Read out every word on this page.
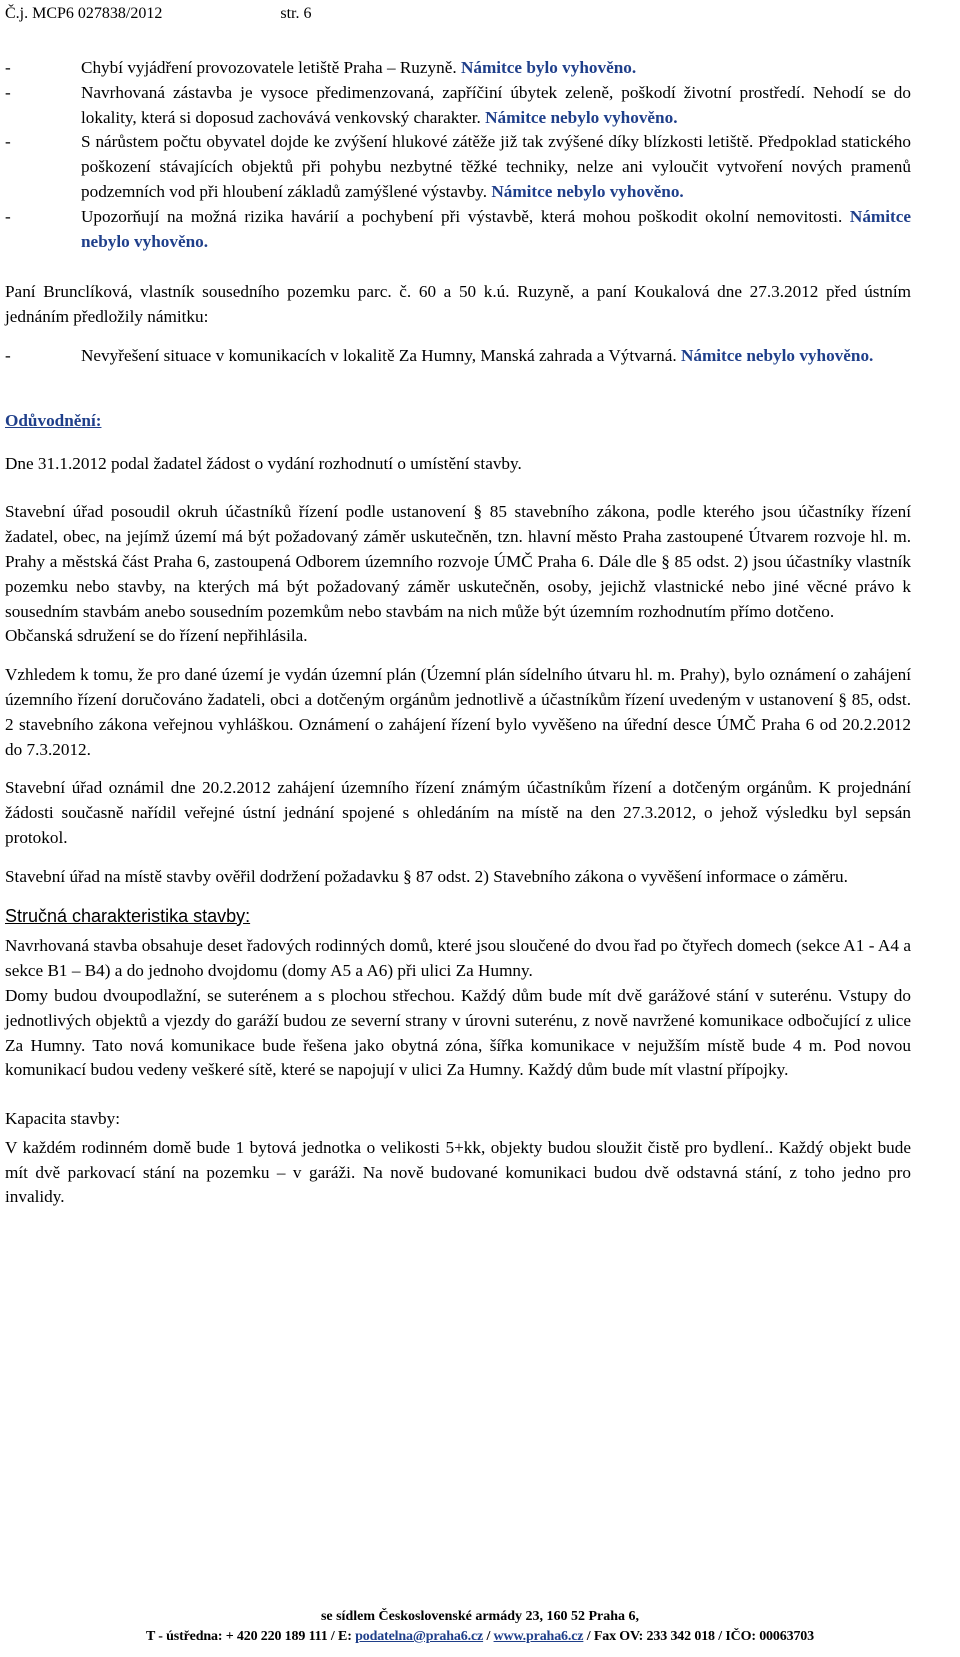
Č.j. MCP6 027838/2012	str. 6
-	Chybí vyjádření provozovatele letiště Praha – Ruzyně. Námitce bylo vyhověno.
-	Navrhovaná zástavba je vysoce předimenzovaná, zapříčiní úbytek zeleně, poškodí životní prostředí. Nehodí se do lokality, která si doposud zachovává venkovský charakter. Námitce nebylo vyhověno.
-	S nárůstem počtu obyvatel dojde ke zvýšení hlukové zátěže již tak zvýšené díky blízkosti letiště. Předpoklad statického poškození stávajících objektů při pohybu nezbytné těžké techniky, nelze ani vyloučit vytvoření nových pramenů podzemních vod při hloubení základů zamýšlené výstavby. Námitce nebylo vyhověno.
-	Upozorňují na možná rizika havárií a pochybení při výstavbě, která mohou poškodit okolní nemovitosti. Námitce nebylo vyhověno.

Paní Brunclíková, vlastník sousedního pozemku parc. č. 60 a 50 k.ú. Ruzyně, a paní Koukalová dne 27.3.2012 před ústním jednáním předložily námitku:

-	Nevyřešení situace v komunikacích v lokalitě Za Humny, Manská zahrada a Výtvarná. Námitce nebylo vyhověno.

Odůvodnění:

Dne 31.1.2012 podal žadatel žádost o vydání rozhodnutí o umístění stavby.

Stavební úřad posoudil okruh účastníků řízení podle ustanovení § 85 stavebního zákona, podle kterého jsou účastníky řízení žadatel, obec, na jejímž území má být požadovaný záměr uskutečněn, tzn. hlavní město Praha zastoupené Útvarem rozvoje hl. m. Prahy a městská část Praha 6, zastoupená Odborem územního rozvoje ÚMČ Praha 6. Dále dle § 85 odst. 2) jsou účastníky vlastník pozemku nebo stavby, na kterých má být požadovaný záměr uskutečněn, osoby, jejichž vlastnické nebo jiné věcné právo k sousedním stavbám anebo sousedním pozemkům nebo stavbám na nich může být územním rozhodnutím přímo dotčeno.

Občanská sdružení se do řízení nepřihlásila.

Vzhledem k tomu, že pro dané území je vydán územní plán (Územní plán sídelního útvaru hl. m. Prahy), bylo oznámení o zahájení územního řízení doručováno žadateli, obci a dotčeným orgánům jednotlivě a účastníkům řízení uvedeným v ustanovení § 85, odst. 2 stavebního zákona veřejnou vyhláškou. Oznámení o zahájení řízení bylo vyvěšeno na úřední desce ÚMČ Praha 6 od 20.2.2012 do 7.3.2012.

Stavební úřad oznámil dne 20.2.2012 zahájení územního řízení známým účastníkům řízení a dotčeným orgánům. K projednání žádosti současně nařídil veřejné ústní jednání spojené s ohledáním na místě na den 27.3.2012, o jehož výsledku byl sepsán protokol.

Stavební úřad na místě stavby ověřil dodržení požadavku § 87 odst. 2) Stavebního zákona o vyvěšení informace o záměru.

Stručná charakteristika stavby:

Navrhovaná stavba obsahuje deset řadových rodinných domů, které jsou sloučené do dvou řad po čtyřech domech (sekce A1 - A4 a sekce B1 – B4) a do jednoho dvojdomu (domy A5 a A6) při ulici Za Humny.

Domy budou dvoupodlažní, se suterénem a s plochou střechou. Každý dům bude mít dvě garážové stání v suterénu. Vstupy do jednotlivých objektů a vjezdy do garáží budou ze severní strany v úrovni suterénu, z nově navržené komunikace odbočující z ulice Za Humny. Tato nová komunikace bude řešena jako obytná zóna, šířka komunikace v nejužším místě bude 4 m. Pod novou komunikací budou vedeny veškeré sítě, které se napojují v ulici Za Humny. Každý dům bude mít vlastní přípojky.

Kapacita stavby:

V každém rodinném domě bude 1 bytová jednotka o velikosti 5+kk, objekty budou sloužit čistě pro bydlení.. Každý objekt bude mít dvě parkovací stání na pozemku – v garáži. Na nově budované komunikaci budou dvě odstavná stání, z toho jedno pro invalidy.

se sídlem Československé armády 23, 160 52 Praha 6,
T - ústředna: + 420 220 189 111 / E: podatelna@praha6.cz / www.praha6.cz / Fax OV: 233 342 018 / IČO: 00063703
